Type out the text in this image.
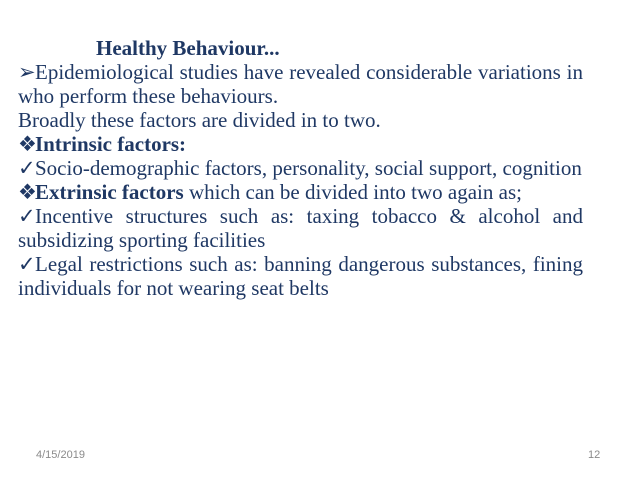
Healthy Behaviour...

➢Epidemiological studies have revealed considerable variations in who perform these behaviours.

Broadly these factors are divided in to two.

❖Intrinsic factors:

✓Socio-demographic factors, personality, social support, cognition

❖Extrinsic factors which can be divided into two again as;

✓Incentive structures such as: taxing tobacco & alcohol and subsidizing sporting facilities

✓Legal restrictions such as: banning dangerous substances, fining individuals for not wearing seat belts

4/15/2019	12
